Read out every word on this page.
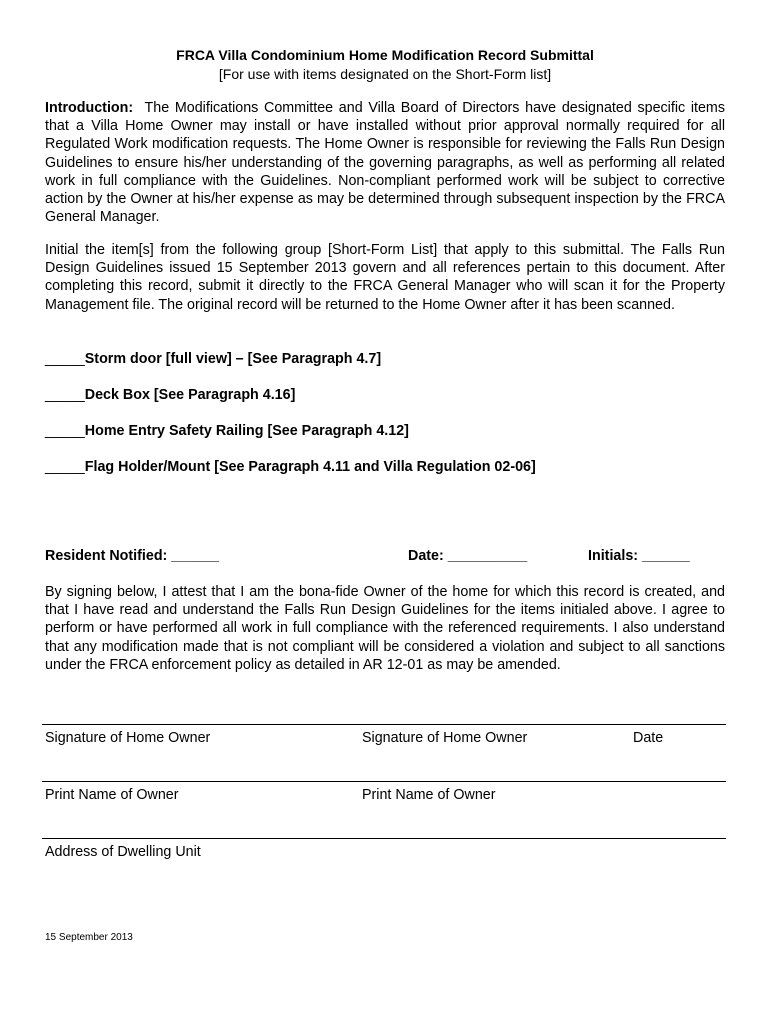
FRCA Villa Condominium Home Modification Record Submittal
[For use with items designated on the Short-Form list]

Introduction: The Modifications Committee and Villa Board of Directors have designated specific items that a Villa Home Owner may install or have installed without prior approval normally required for all Regulated Work modification requests. The Home Owner is responsible for reviewing the Falls Run Design Guidelines to ensure his/her understanding of the governing paragraphs, as well as performing all related work in full compliance with the Guidelines. Non-compliant performed work will be subject to corrective action by the Owner at his/her expense as may be determined through subsequent inspection by the FRCA General Manager.

Initial the item[s] from the following group [Short-Form List] that apply to this submittal. The Falls Run Design Guidelines issued 15 September 2013 govern and all references pertain to this document. After completing this record, submit it directly to the FRCA General Manager who will scan it for the Property Management file. The original record will be returned to the Home Owner after it has been scanned.

_____Storm door [full view] – [See Paragraph 4.7]
_____Deck Box [See Paragraph 4.16]
_____Home Entry Safety Railing [See Paragraph 4.12]
_____Flag Holder/Mount [See Paragraph 4.11 and Villa Regulation 02-06]
Resident Notified: ______	Date: __________	Initials: ______

By signing below, I attest that I am the bona-fide Owner of the home for which this record is created, and that I have read and understand the Falls Run Design Guidelines for the items initialed above. I agree to perform or have performed all work in full compliance with the referenced requirements. I also understand that any modification made that is not compliant will be considered a violation and subject to all sanctions under the FRCA enforcement policy as detailed in AR 12-01 as may be amended.

Signature of Home Owner	Signature of Home Owner	Date
Print Name of Owner	Print Name of Owner
Address of Dwelling Unit
15 September 2013
